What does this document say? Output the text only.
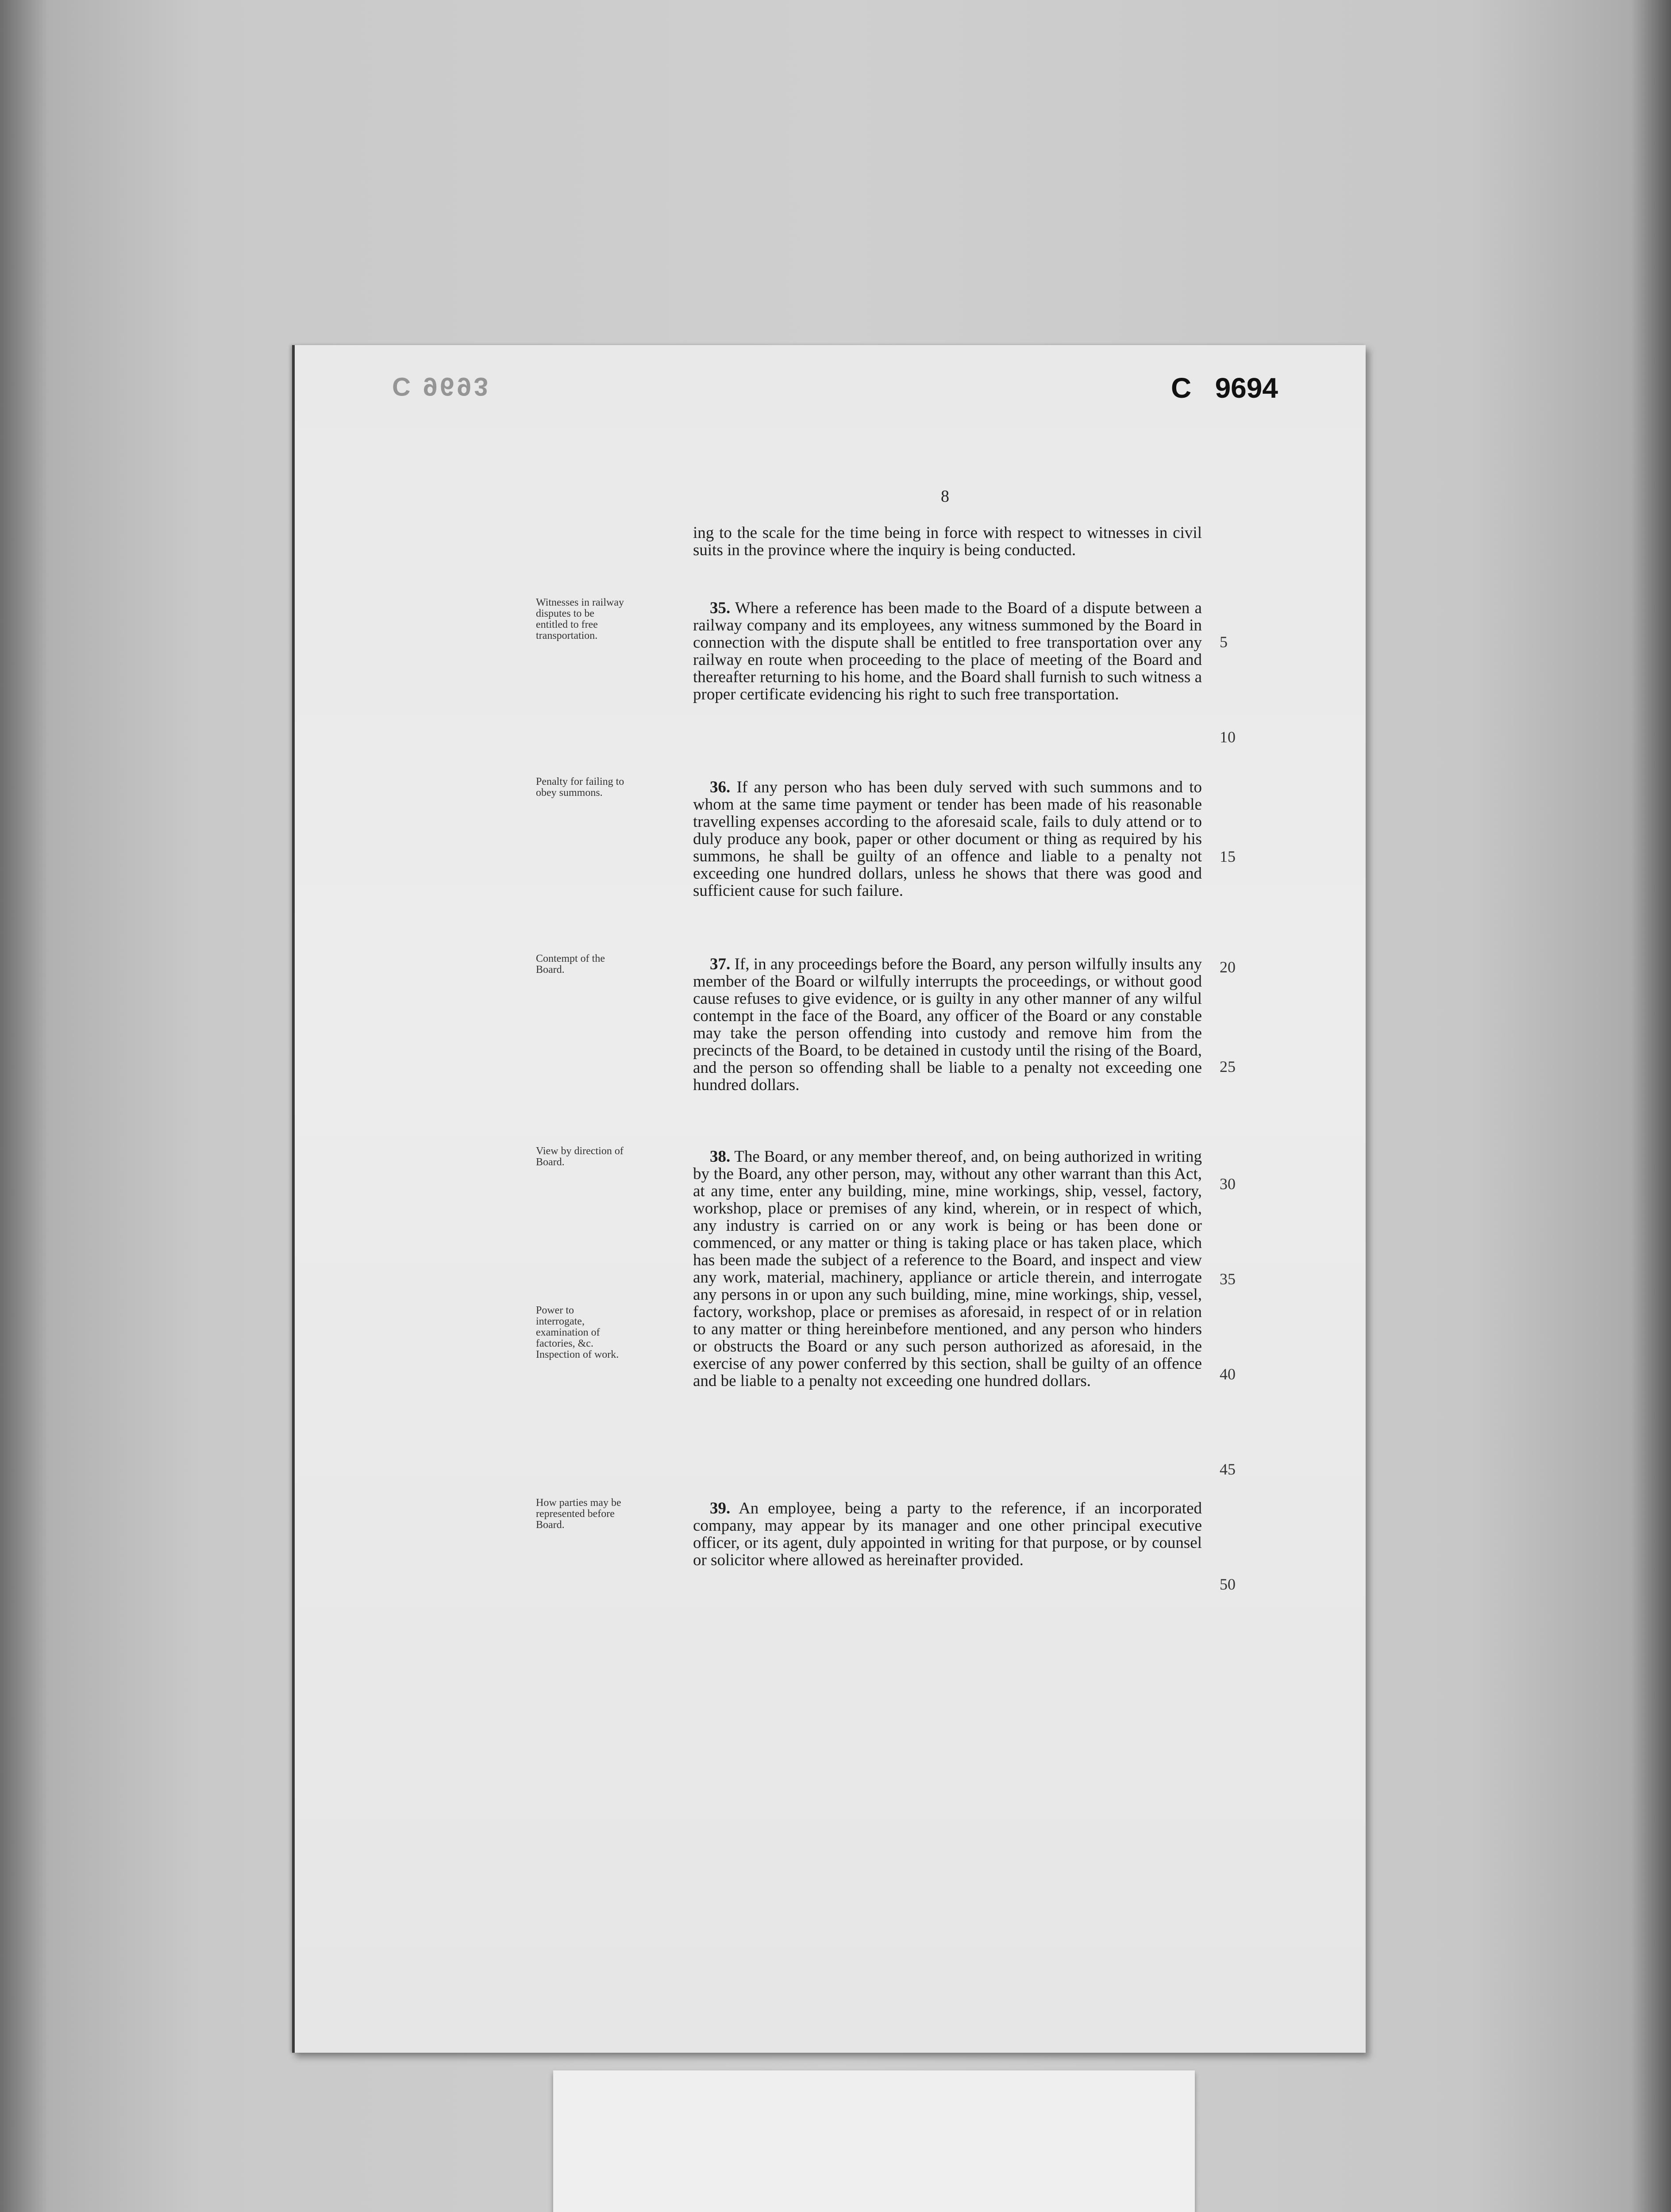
C 9693	C   9694
8

ing to the scale for the time being in force with respect to witnesses in civil suits in the province where the inquiry is being conducted.

Witnesses in railway disputes to be entitled to free transportation.

35. Where a reference has been made to the Board of a dispute between a railway company and its employees, any witness summoned by the Board in connection with the dispute shall be entitled to free transportation over any railway en route when proceeding to the place of meeting of the Board and thereafter returning to his home, and the Board shall furnish to such witness a proper certificate evidencing his right to such free transportation.

Penalty for failing to obey summons.	36. If any person who has been duly served with such summons and to whom at the same time payment or tender has been made of his reasonable travelling expenses according to the aforesaid scale, fails to duly attend or to duly produce any book, paper or other document or thing as required by his summons, he shall be guilty of an offence and liable to a penalty not exceeding one hundred dollars, unless he shows that there was good and sufficient cause for such failure.

Contempt of the Board.	37. If, in any proceedings before the Board, any person wilfully insults any member of the Board or wilfully interrupts the proceedings, or without good cause refuses to give evidence, or is guilty in any other manner of any wilful contempt in the face of the Board, any officer of the Board or any constable may take the person offending into custody and remove him from the precincts of the Board, to be detained in custody until the rising of the Board, and the person so offending shall be liable to a penalty not exceeding one hundred dollars.

View by direction of Board.

Power to interrogate, examination of factories, &c. Inspection of work.

38. The Board, or any member thereof, and, on being authorized in writing by the Board, any other person, may, without any other warrant than this Act, at any time, enter any building, mine, mine workings, ship, vessel, factory, workshop, place or premises of any kind, wherein, or in respect of which, any industry is carried on or any work is being or has been done or commenced, or any matter or thing is taking place or has taken place, which has been made the subject of a reference to the Board, and inspect and view any work, material, machinery, appliance or article therein, and interrogate any persons in or upon any such building, mine, mine workings, ship, vessel, factory, workshop, place or premises as aforesaid, in respect of or in relation to any matter or thing hereinbefore mentioned, and any person who hinders or obstructs the Board or any such person authorized as aforesaid, in the exercise of any power conferred by this section, shall be guilty of an offence and be liable to a penalty not exceeding one hundred dollars.

How parties may be represented before Board.

39. An employee, being a party to the reference, if an incorporated company, may appear by its manager and one other principal executive officer, or its agent, duly appointed in writing for that purpose, or by counsel or solicitor where allowed as hereinafter provided.

5
10
15
20
25
30
35
40
45
50
